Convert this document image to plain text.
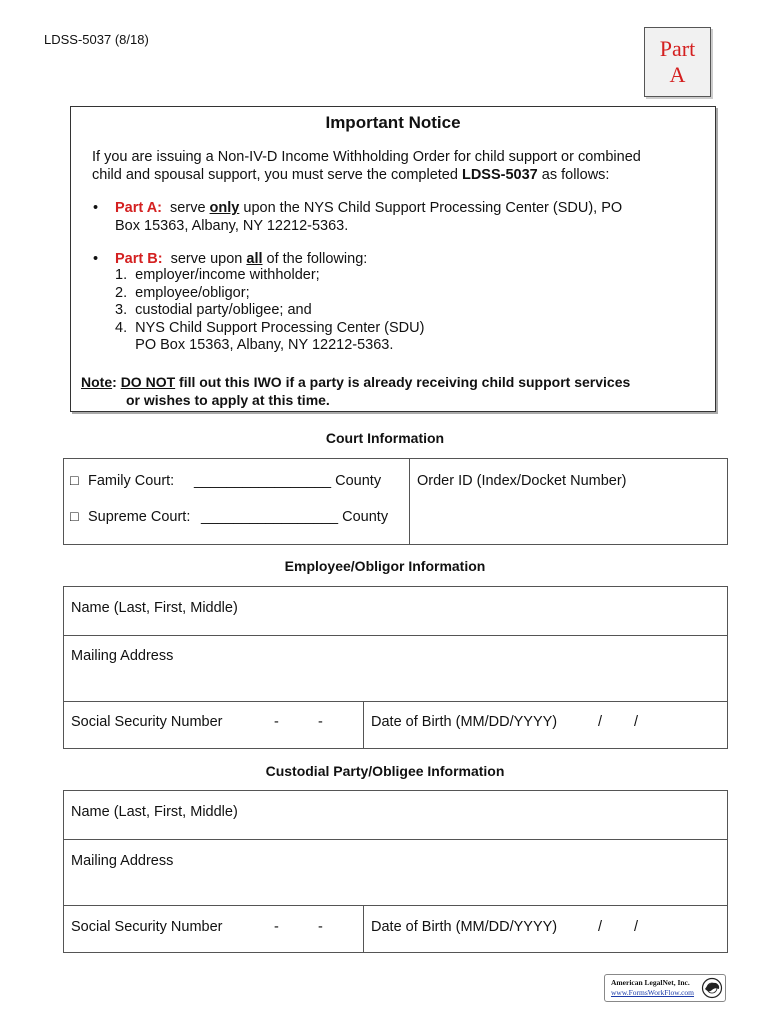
LDSS-5037 (8/18)	Part
A
Important Notice
If you are issuing a Non-IV-D Income Withholding Order for child support or combined
child and spousal support, you must serve the completed LDSS-5037 as follows:
• Part A:  serve only upon the NYS Child Support Processing Center (SDU), PO
Box 15363, Albany, NY 12212-5363.
• Part B:  serve upon all of the following:
1.  employer/income withholder;
2.  employee/obligor;
3.  custodial party/obligee; and
4.  NYS Child Support Processing Center (SDU)
PO Box 15363, Albany, NY 12212-5363.
Note: DO NOT fill out this IWO if a party is already receiving child support services
or wishes to apply at this time.
Court Information
□ Family Court: _________________ County
□ Supreme Court: _________________ County
Order ID (Index/Docket Number)
Employee/Obligor Information
Name (Last, First, Middle)
Mailing Address
Social Security Number	-	-	Date of Birth (MM/DD/YYYY)	/ /
Custodial Party/Obligee Information
Name (Last, First, Middle)
Mailing Address
Social Security Number	-	-	Date of Birth (MM/DD/YYYY)	/ /
American LegalNet, Inc.
www.FormsWorkFlow.com
